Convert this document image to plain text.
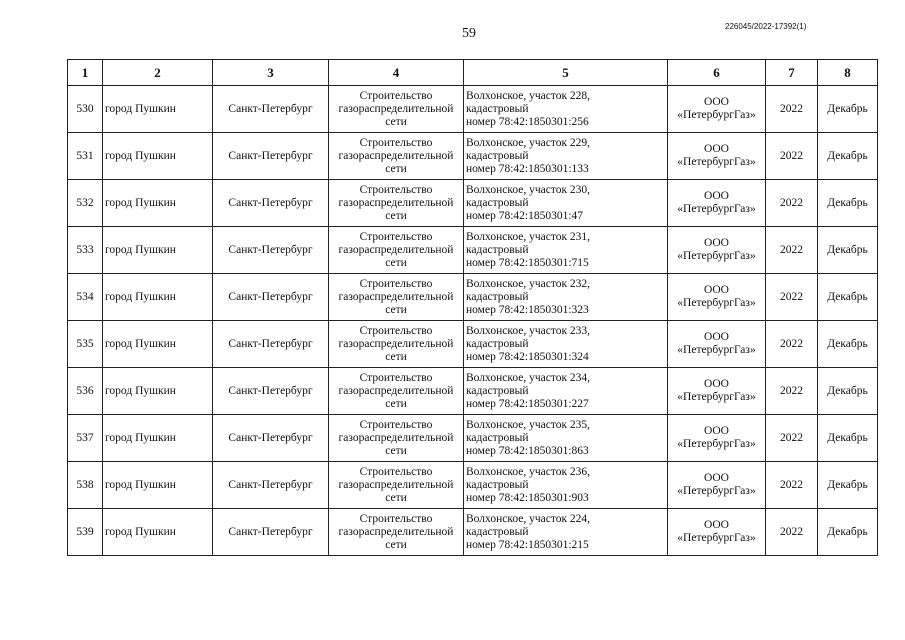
59	226045/2022-17392(1)
1	2	3	4	5	6	7	8
530	город Пушкин	Санкт-Петербург	Строительство
газораспределительной
сети	Волхонское, участок 228,
кадастровый
номер 78:42:1850301:256	ООО
«ПетербургГаз»	2022	Декабрь
531	город Пушкин	Санкт-Петербург	Строительство
газораспределительной
сети	Волхонское, участок 229,
кадастровый
номер 78:42:1850301:133	ООО
«ПетербургГаз»	2022	Декабрь
532	город Пушкин	Санкт-Петербург	Строительство
газораспределительной
сети	Волхонское, участок 230,
кадастровый
номер 78:42:1850301:47	ООО
«ПетербургГаз»	2022	Декабрь
533	город Пушкин	Санкт-Петербург	Строительство
газораспределительной
сети	Волхонское, участок 231,
кадастровый
номер 78:42:1850301:715	ООО
«ПетербургГаз»	2022	Декабрь
534	город Пушкин	Санкт-Петербург	Строительство
газораспределительной
сети	Волхонское, участок 232,
кадастровый
номер 78:42:1850301:323	ООО
«ПетербургГаз»	2022	Декабрь
535	город Пушкин	Санкт-Петербург	Строительство
газораспределительной
сети	Волхонское, участок 233,
кадастровый
номер 78:42:1850301:324	ООО
«ПетербургГаз»	2022	Декабрь
536	город Пушкин	Санкт-Петербург	Строительство
газораспределительной
сети	Волхонское, участок 234,
кадастровый
номер 78:42:1850301:227	ООО
«ПетербургГаз»	2022	Декабрь
537	город Пушкин	Санкт-Петербург	Строительство
газораспределительной
сети	Волхонское, участок 235,
кадастровый
номер 78:42:1850301:863	ООО
«ПетербургГаз»	2022	Декабрь
538	город Пушкин	Санкт-Петербург	Строительство
газораспределительной
сети	Волхонское, участок 236,
кадастровый
номер 78:42:1850301:903	ООО
«ПетербургГаз»	2022	Декабрь
539	город Пушкин	Санкт-Петербург	Строительство
газораспределительной
сети	Волхонское, участок 224,
кадастровый
номер 78:42:1850301:215	ООО
«ПетербургГаз»	2022	Декабрь
